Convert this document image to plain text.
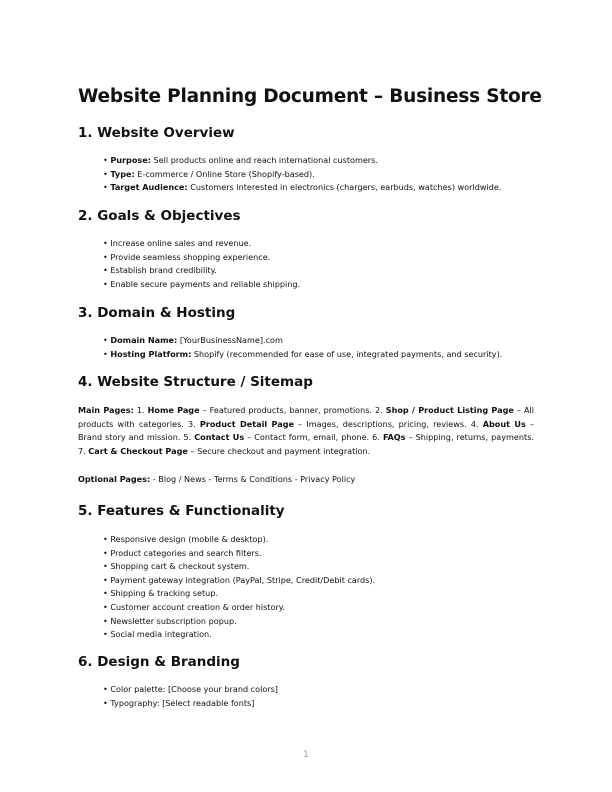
Website Planning Document – Business Store
1. Website Overview
• Purpose: Sell products online and reach international customers.
• Type: E-commerce / Online Store (Shopify-based).
• Target Audience: Customers interested in electronics (chargers, earbuds, watches) worldwide.
2. Goals & Objectives
• Increase online sales and revenue.
• Provide seamless shopping experience.
• Establish brand credibility.
• Enable secure payments and reliable shipping.
3. Domain & Hosting
• Domain Name: [YourBusinessName].com
• Hosting Platform: Shopify (recommended for ease of use, integrated payments, and security).
4. Website Structure / Sitemap

Main Pages: 1. Home Page – Featured products, banner, promotions. 2. Shop / Product Listing Page – All products with categories. 3. Product Detail Page – Images, descriptions, pricing, reviews. 4. About Us – Brand story and mission. 5. Contact Us – Contact form, email, phone. 6. FAQs – Shipping, returns, payments. 7. Cart & Checkout Page – Secure checkout and payment integration.

Optional Pages: - Blog / News - Terms & Conditions - Privacy Policy

5. Features & Functionality
• Responsive design (mobile & desktop).
• Product categories and search filters.
• Shopping cart & checkout system.
• Payment gateway integration (PayPal, Stripe, Credit/Debit cards).
• Shipping & tracking setup.
• Customer account creation & order history.
• Newsletter subscription popup.
• Social media integration.
6. Design & Branding
• Color palette: [Choose your brand colors]
• Typography: [Select readable fonts]
1
